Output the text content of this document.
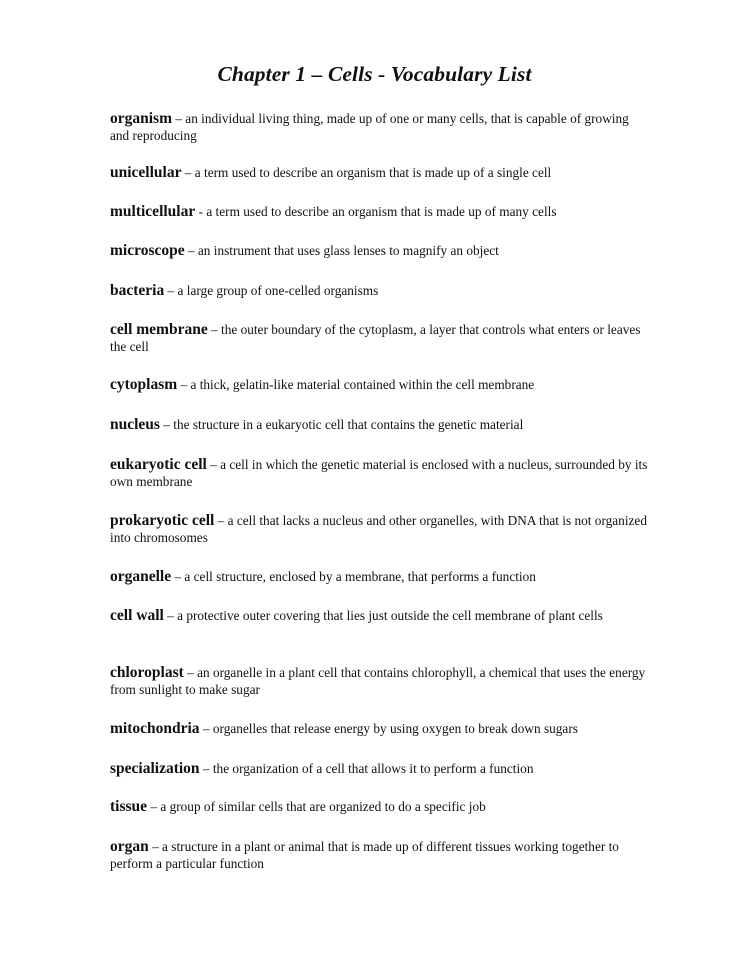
Chapter 1 – Cells - Vocabulary List

organism – an individual living thing, made up of one or many cells, that is capable of growing and reproducing

unicellular – a term used to describe an organism that is made up of a single cell

multicellular - a term used to describe an organism that is made up of many cells

microscope – an instrument that uses glass lenses to magnify an object

bacteria – a large group of one-celled organisms

cell membrane – the outer boundary of the cytoplasm, a layer that controls what enters or leaves the cell

cytoplasm – a thick, gelatin-like material contained within the cell membrane

nucleus – the structure in a eukaryotic cell that contains the genetic material

eukaryotic cell – a cell in which the genetic material is enclosed with a nucleus, surrounded by its own membrane

prokaryotic cell – a cell that lacks a nucleus and other organelles, with DNA that is not organized into chromosomes

organelle – a cell structure, enclosed by a membrane, that performs a function

cell wall – a protective outer covering that lies just outside the cell membrane of plant cells

chloroplast – an organelle in a plant cell that contains chlorophyll, a chemical that uses the energy from sunlight to make sugar

mitochondria – organelles that release energy by using oxygen to break down sugars

specialization – the organization of a cell that allows it to perform a function

tissue – a group of similar cells that are organized to do a specific job

organ – a structure in a plant or animal that is made up of different tissues working together to perform a particular function
